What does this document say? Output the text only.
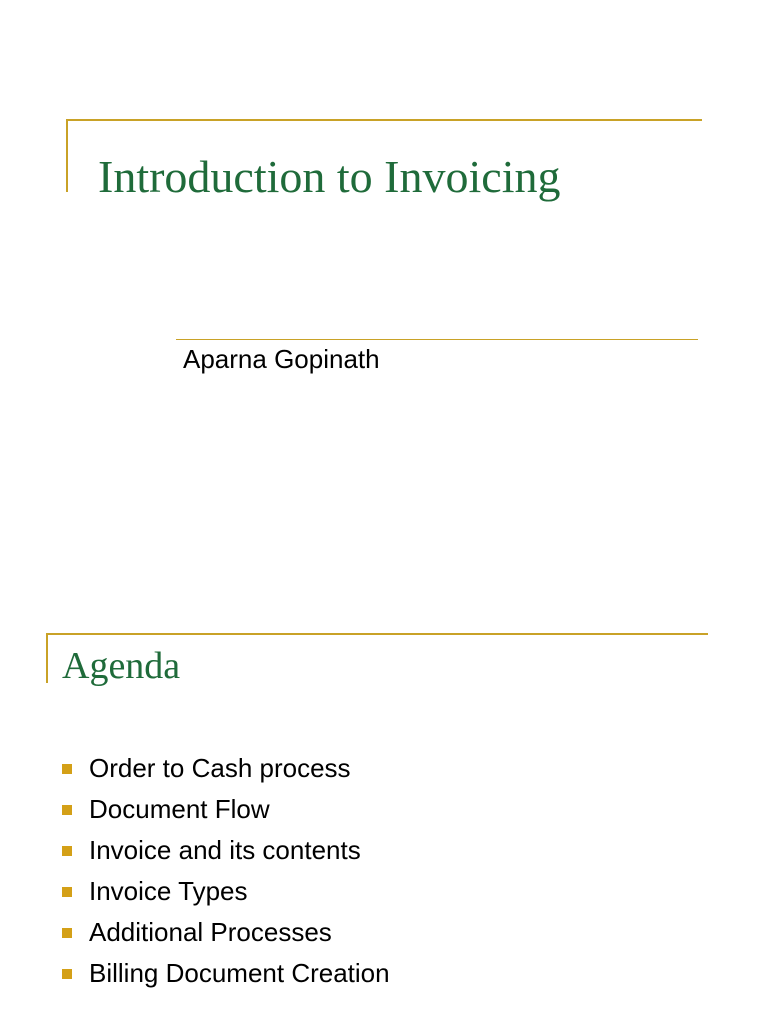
Introduction to Invoicing
Aparna Gopinath
Agenda
Order to Cash process
Document Flow
Invoice and its contents
Invoice Types
Additional Processes
Billing Document Creation
